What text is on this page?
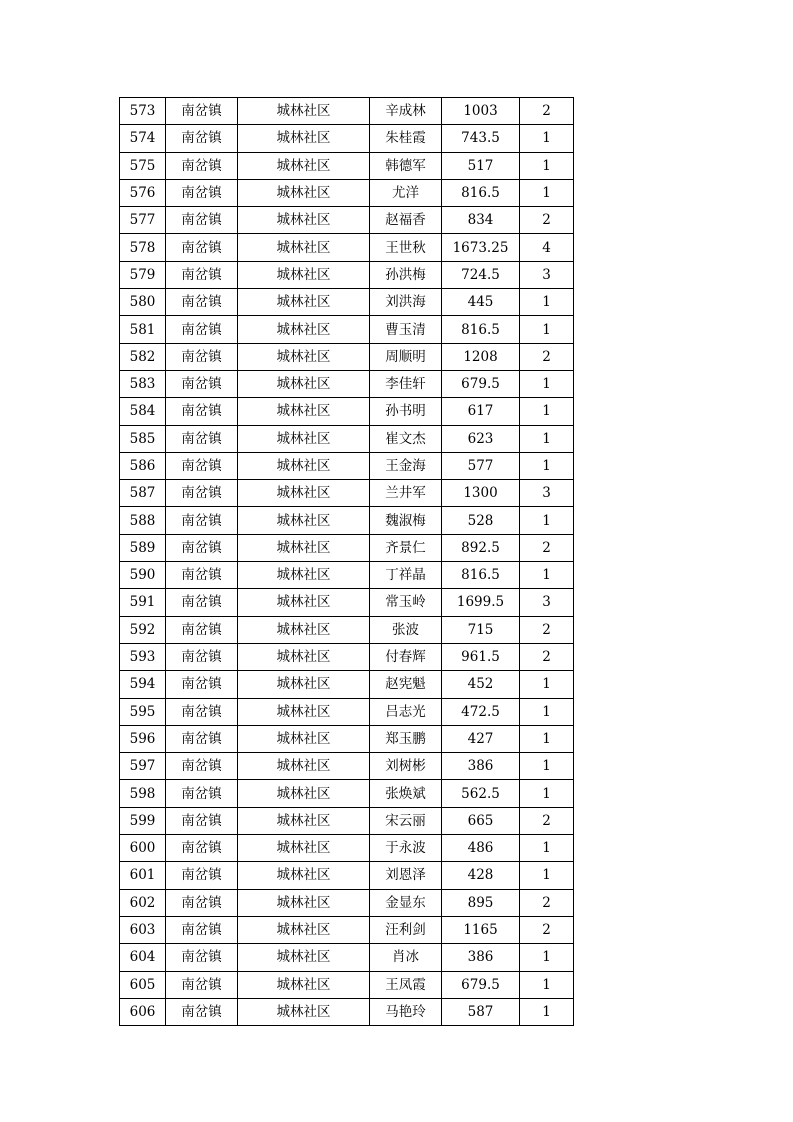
573	南岔镇	城林社区	辛成林	1003	2
574	南岔镇	城林社区	朱桂霞	743.5	1
575	南岔镇	城林社区	韩德军	517	1
576	南岔镇	城林社区	尤洋	816.5	1
577	南岔镇	城林社区	赵福香	834	2
578	南岔镇	城林社区	王世秋	1673.25	4
579	南岔镇	城林社区	孙洪梅	724.5	3
580	南岔镇	城林社区	刘洪海	445	1
581	南岔镇	城林社区	曹玉清	816.5	1
582	南岔镇	城林社区	周顺明	1208	2
583	南岔镇	城林社区	李佳轩	679.5	1
584	南岔镇	城林社区	孙书明	617	1
585	南岔镇	城林社区	崔文杰	623	1
586	南岔镇	城林社区	王金海	577	1
587	南岔镇	城林社区	兰井军	1300	3
588	南岔镇	城林社区	魏淑梅	528	1
589	南岔镇	城林社区	齐景仁	892.5	2
590	南岔镇	城林社区	丁祥晶	816.5	1
591	南岔镇	城林社区	常玉岭	1699.5	3
592	南岔镇	城林社区	张波	715	2
593	南岔镇	城林社区	付春辉	961.5	2
594	南岔镇	城林社区	赵宪魁	452	1
595	南岔镇	城林社区	吕志光	472.5	1
596	南岔镇	城林社区	郑玉鹏	427	1
597	南岔镇	城林社区	刘树彬	386	1
598	南岔镇	城林社区	张焕斌	562.5	1
599	南岔镇	城林社区	宋云丽	665	2
600	南岔镇	城林社区	于永波	486	1
601	南岔镇	城林社区	刘恩泽	428	1
602	南岔镇	城林社区	金显东	895	2
603	南岔镇	城林社区	汪利剑	1165	2
604	南岔镇	城林社区	肖冰	386	1
605	南岔镇	城林社区	王凤霞	679.5	1
606	南岔镇	城林社区	马艳玲	587	1
